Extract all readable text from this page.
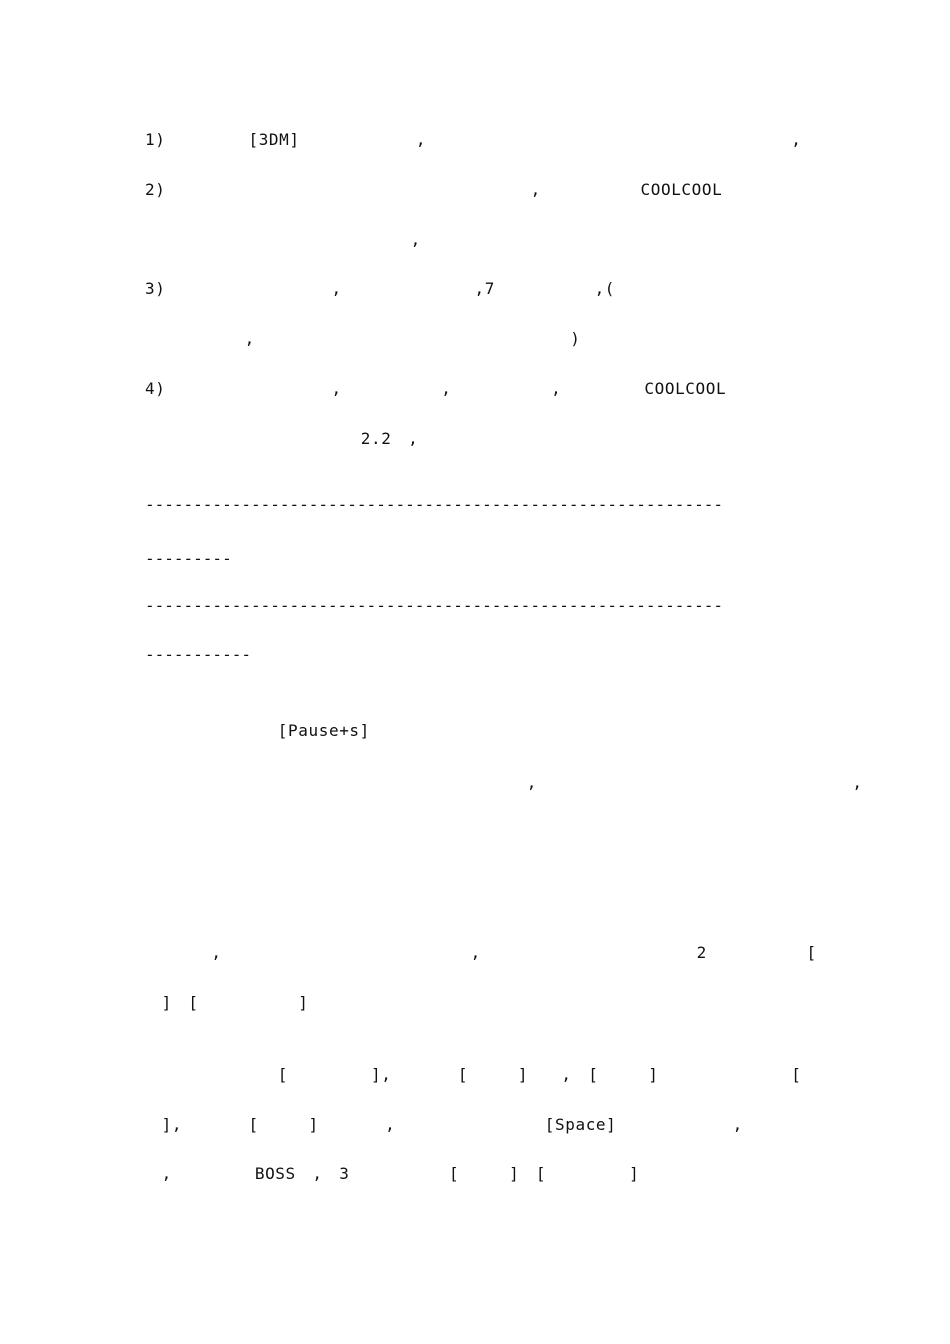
1)　　　　　[3DM]　　　　　　　,　　　　　　　　　　　　　　　　　　　　　　,
2)　　　　　　　　　　　　　　　　　　　　　　,　　　　　　COOLCOOL　　　
　　　　　　　　　　　　　　　　,
3)　　　　　　　　　　,　　　　　　　　,7　　　　　　,(　　　　　　　　　　
　　　　　　,　　　　　　　　　　　　　　　　　　　)
4)　　　　　　　　　　,　　　　　　,　　　　　　,　　　　　COOLCOOL　　　
　　　　　　　　　　　　　2.2　,
------------------------------------------------------------
---------　　　
------------------------------------------------------------
-----------
　　　　　　　　[Pause+s]　　
　　　　　　　　　　　　　　　　　　　　　　　,　　　　　　　　　　　　　　　　　　　,

　　　　,　　　　　　　　　　　　　　　,　　　　　　　　　　　　　2　　　　　　[
　]　[　　　　　　]　　　　
　　　　　　　　[　　　　　],　　　　[　　　]　　,　[　　　]　　　　　　　　[
　],　　　　[　　　]　　　　,　　　　　　　　　[Space]　　　　　　　,　　　
　,　　　　　BOSS　,　3　　　　　　[　　　]　[　　　　　]　　　　
